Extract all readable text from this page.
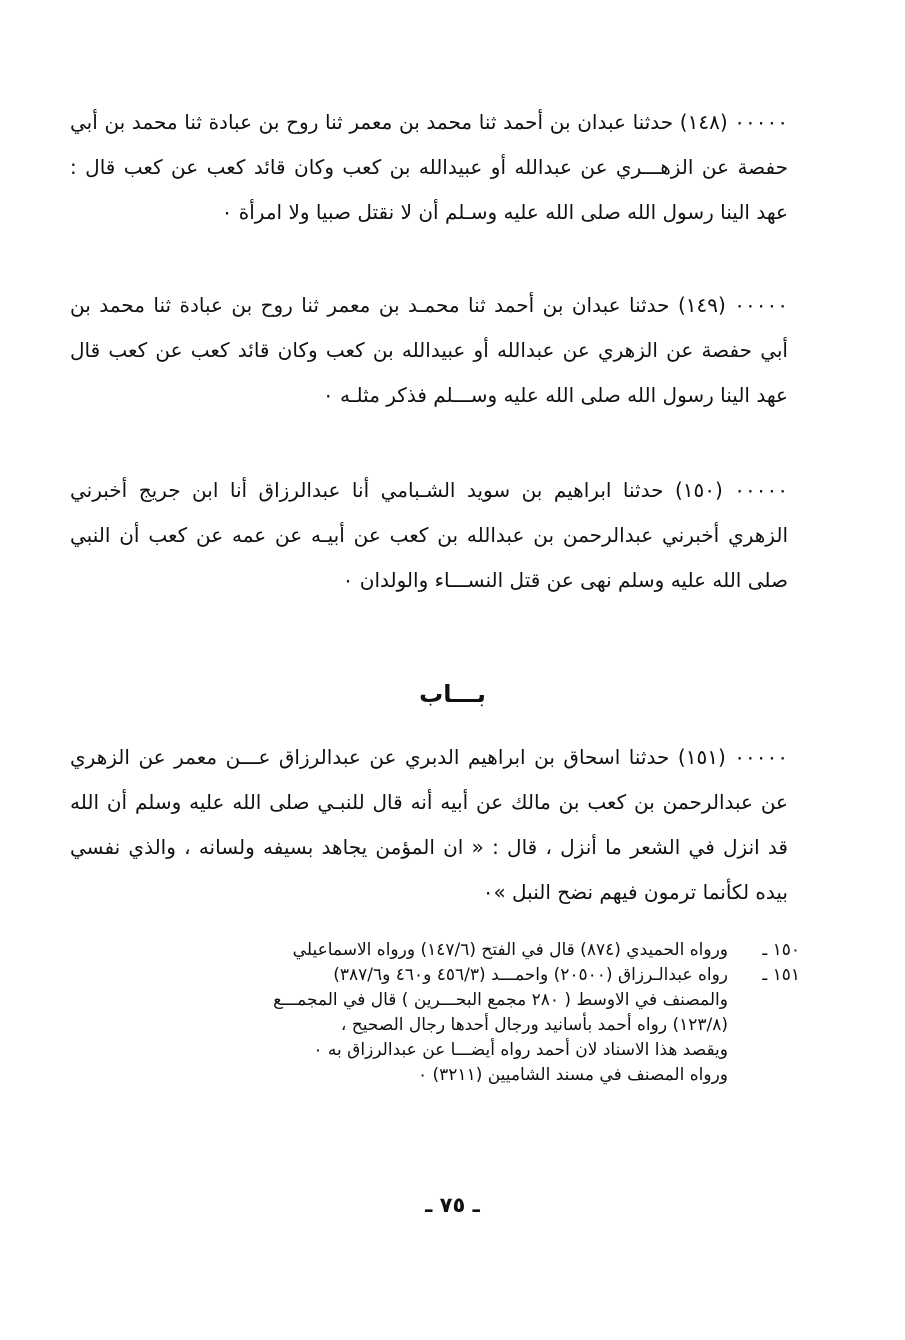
٠٠٠٠٠ (١٤٨) حدثنا عبدان بن أحمد ثنا محمد بن معمر ثنا روح بن عبادة ثنا محمد بن أبي حفصة عن الزهـــري عن عبدالله أو عبيدالله بن كعب وكان قائد كعب عن كعب قال : عهد الينا رسول الله صلى الله عليه وسـلم أن لا نقتل صبيا ولا امرأة ٠

٠٠٠٠٠ (١٤٩) حدثنا عبدان بن أحمد ثنا محمـد بن معمر ثنا روح بن عبادة ثنا محمد بن أبي حفصة عن الزهري عن عبدالله أو عبيدالله بن كعب وكان قائد كعب عن كعب قال عهد الينا رسول الله صلى الله عليه وســـلم فذكر مثلـه ٠

٠٠٠٠٠ (١٥٠) حدثنا ابراهيم بن سويد الشـبامي أنا عبدالرزاق أنا ابن جريج أخبرني الزهري أخبرني عبدالرحمن بن عبدالله بن كعب عن أبيـه عن عمه عن كعب أن النبي صلى الله عليه وسلم نهى عن قتل النســـاء والولدان ٠

بـــاب

٠٠٠٠٠ (١٥١) حدثنا اسحاق بن ابراهيم الدبري عن عبدالرزاق عـــن معمر عن الزهري عن عبدالرحمن بن كعب بن مالك عن أبيه أنه قال للنبـي صلى الله عليه وسلم أن الله قد انزل في الشعر ما أنزل ، قال : « ان المؤمن يجاهد بسيفه ولسانه ، والذي نفسي بيده لكأنما ترمون فيهم نضح النبل »٠

١٥٠ ـ
ورواه الحميدي (٨٧٤) قال في الفتح (١٤٧/٦) ورواه الاسماعيلي
١٥١ ـ
رواه عبدالـرزاق (٢٠٥٠٠) واحمـــد (٤٥٦/٣ و٤٦٠ و٣٨٧/٦)
والمصنف في الاوسط ( ٢٨٠ مجمع البحـــرين ) قال في المجمـــع
(١٢٣/٨) رواه أحمد بأسانيد ورجال أحدها رجال الصحيح ،
ويقصد هذا الاسناد لان أحمد رواه أيضـــا عن عبدالرزاق به ٠
ورواه المصنف في مسند الشاميين (٣٢١١) ٠
ـ ٧٥ ـ
